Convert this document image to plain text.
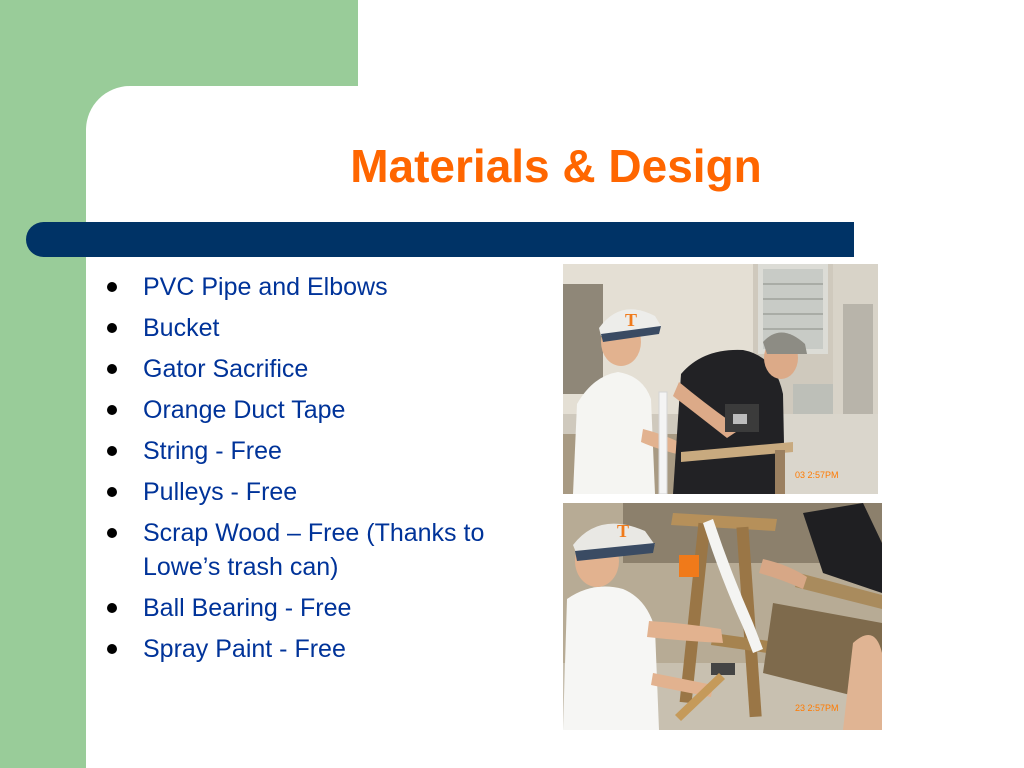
Materials & Design
PVC Pipe and Elbows
Bucket
Gator Sacrifice
Orange Duct Tape
String - Free
Pulleys - Free
Scrap Wood – Free (Thanks to Lowe’s trash can)
Ball Bearing - Free
Spray Paint - Free
T
03 2:57PM
T
23 2:57PM
